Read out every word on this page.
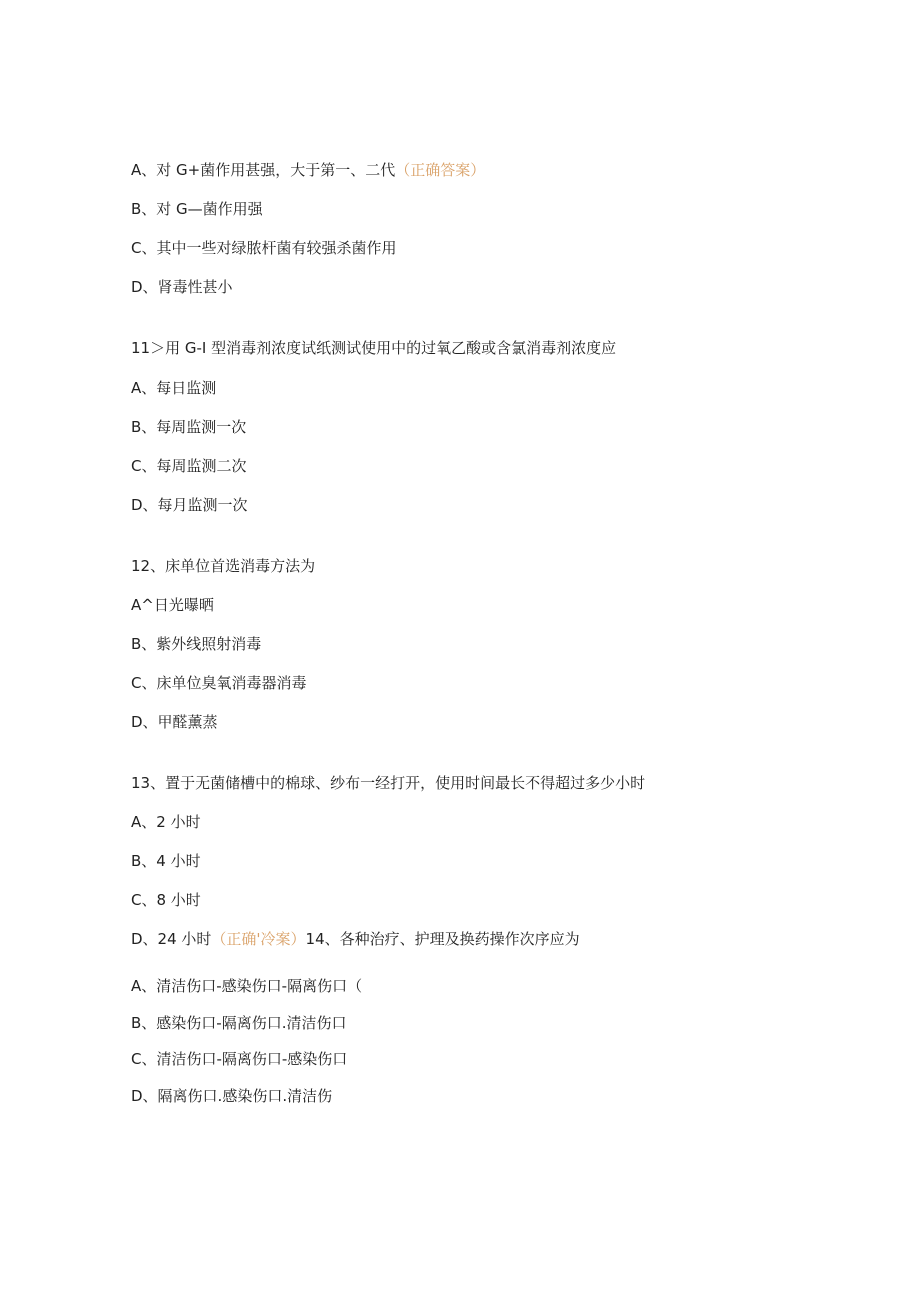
A、对 G+菌作用甚强，大于第一、二代（正确答案）
B、对 G—菌作用强
C、其中一些对绿脓杆菌有较强杀菌作用
D、肾毒性甚小
11＞用 G-I 型消毒剂浓度试纸测试使用中的过氧乙酸或含氯消毒剂浓度应
A、每日监测
B、每周监测一次
C、每周监测二次
D、每月监测一次
12、床单位首选消毒方法为
A^日光曝晒
B、紫外线照射消毒
C、床单位臭氧消毒器消毒
D、甲醛薰蒸
13、置于无菌储槽中的棉球、纱布一经打开，使用时间最长不得超过多少小时
A、2 小时
B、4 小时
C、8 小时
D、24 小时（正确'冷案）14、各种治疗、护理及换药操作次序应为
A、清洁伤口-感染伤口-隔离伤口（
B、感染伤口-隔离伤口.清洁伤口
C、清洁伤口-隔离伤口-感染伤口
D、隔离伤口.感染伤口.清洁伤
